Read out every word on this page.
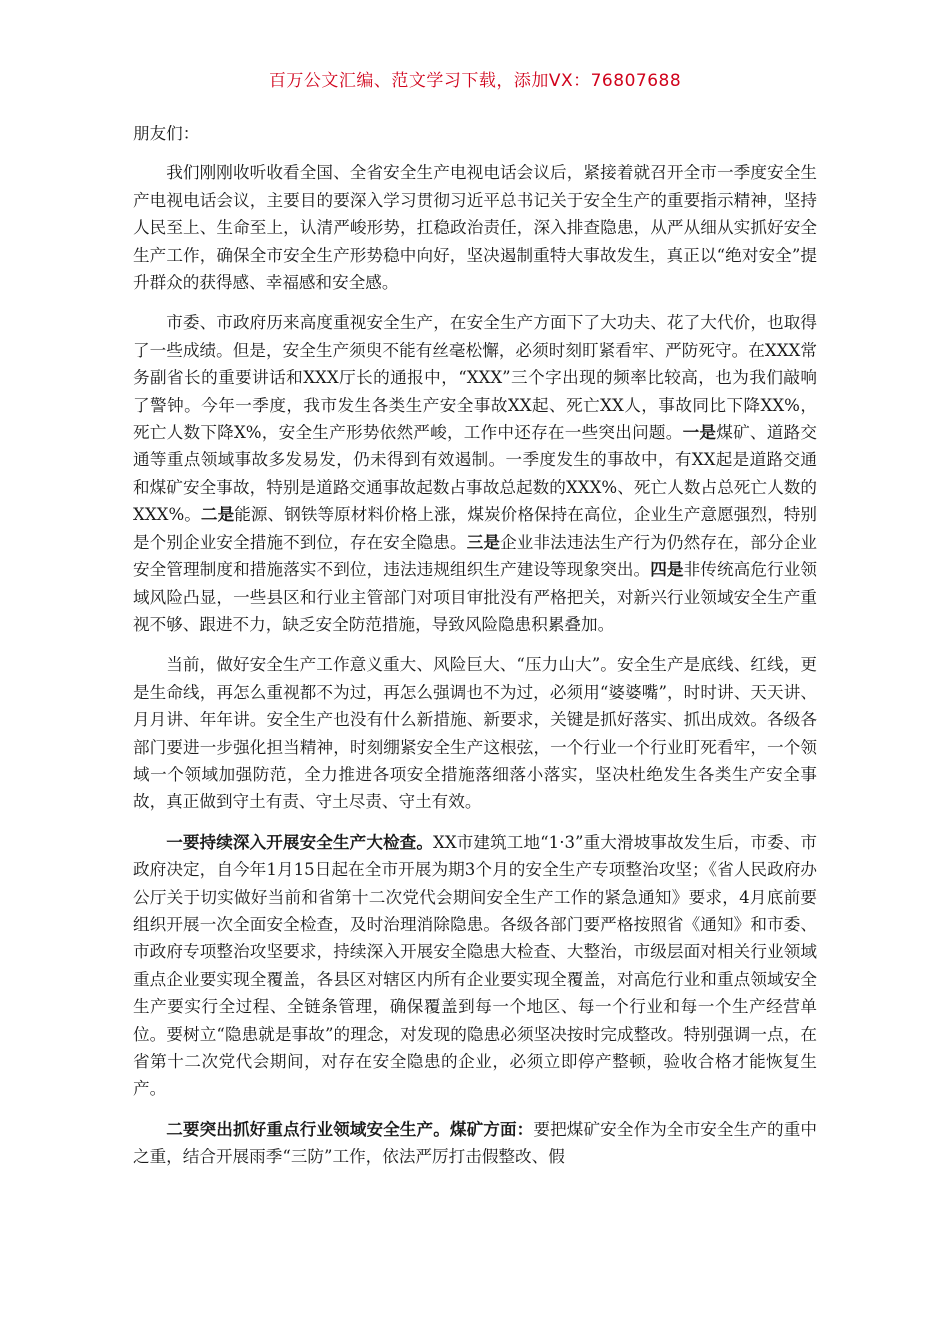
百万公文汇编、范文学习下载，添加VX：76807688

朋友们：

我们刚刚收听收看全国、全省安全生产电视电话会议后，紧接着就召开全市一季度安全生产电视电话会议，主要目的要深入学习贯彻习近平总书记关于安全生产的重要指示精神，坚持人民至上、生命至上，认清严峻形势，扛稳政治责任，深入排查隐患，从严从细从实抓好安全生产工作，确保全市安全生产形势稳中向好，坚决遏制重特大事故发生，真正以“绝对安全”提升群众的获得感、幸福感和安全感。

市委、市政府历来高度重视安全生产，在安全生产方面下了大功夫、花了大代价，也取得了一些成绩。但是，安全生产须臾不能有丝毫松懈，必须时刻盯紧看牢、严防死守。在XXX常务副省长的重要讲话和XXX厅长的通报中，“XXX”三个字出现的频率比较高，也为我们敲响了警钟。今年一季度，我市发生各类生产安全事故XX起、死亡XX人，事故同比下降XX%，死亡人数下降X%，安全生产形势依然严峻，工作中还存在一些突出问题。一是煤矿、道路交通等重点领域事故多发易发，仍未得到有效遏制。一季度发生的事故中，有XX起是道路交通和煤矿安全事故，特别是道路交通事故起数占事故总起数的XXX%、死亡人数占总死亡人数的XXX%。二是能源、钢铁等原材料价格上涨，煤炭价格保持在高位，企业生产意愿强烈，特别是个别企业安全措施不到位，存在安全隐患。三是企业非法违法生产行为仍然存在，部分企业安全管理制度和措施落实不到位，违法违规组织生产建设等现象突出。四是非传统高危行业领域风险凸显，一些县区和行业主管部门对项目审批没有严格把关，对新兴行业领域安全生产重视不够、跟进不力，缺乏安全防范措施，导致风险隐患积累叠加。

当前，做好安全生产工作意义重大、风险巨大、“压力山大”。安全生产是底线、红线，更是生命线，再怎么重视都不为过，再怎么强调也不为过，必须用“婆婆嘴”，时时讲、天天讲、月月讲、年年讲。安全生产也没有什么新措施、新要求，关键是抓好落实、抓出成效。各级各部门要进一步强化担当精神，时刻绷紧安全生产这根弦，一个行业一个行业盯死看牢，一个领域一个领域加强防范，全力推进各项安全措施落细落小落实，坚决杜绝发生各类生产安全事故，真正做到守土有责、守土尽责、守土有效。

一要持续深入开展安全生产大检查。XX市建筑工地“1·3”重大滑坡事故发生后，市委、市政府决定，自今年1月15日起在全市开展为期3个月的安全生产专项整治攻坚；《省人民政府办公厅关于切实做好当前和省第十二次党代会期间安全生产工作的紧急通知》要求，4月底前要组织开展一次全面安全检查，及时治理消除隐患。各级各部门要严格按照省《通知》和市委、市政府专项整治攻坚要求，持续深入开展安全隐患大检查、大整治，市级层面对相关行业领域重点企业要实现全覆盖，各县区对辖区内所有企业要实现全覆盖，对高危行业和重点领域安全生产要实行全过程、全链条管理，确保覆盖到每一个地区、每一个行业和每一个生产经营单位。要树立“隐患就是事故”的理念，对发现的隐患必须坚决按时完成整改。特别强调一点，在省第十二次党代会期间，对存在安全隐患的企业，必须立即停产整顿，验收合格才能恢复生产。

二要突出抓好重点行业领域安全生产。煤矿方面：要把煤矿安全作为全市安全生产的重中之重，结合开展雨季“三防”工作，依法严厉打击假整改、假
